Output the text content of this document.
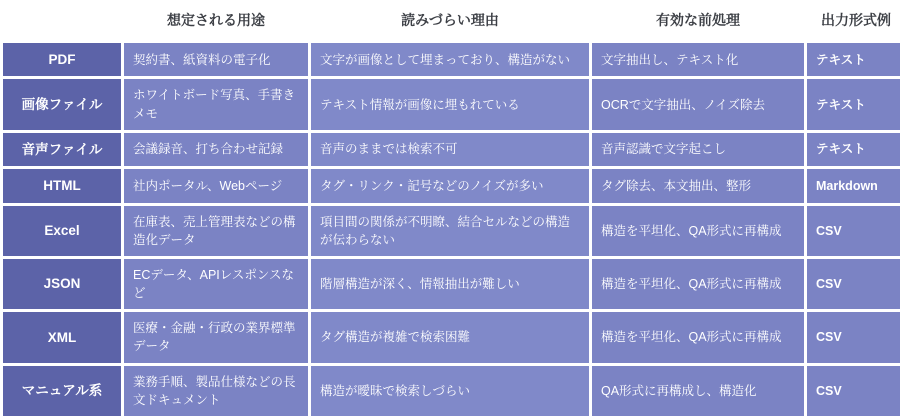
	想定される用途	読みづらい理由	有効な前処理	出力形式例
PDF	契約書、紙資料の電子化	文字が画像として埋まっており、構造がない	文字抽出し、テキスト化	テキスト
画像ファイル	ホワイトボード写真、手書きメモ	テキスト情報が画像に埋もれている	OCRで文字抽出、ノイズ除去	テキスト
音声ファイル	会議録音、打ち合わせ記録	音声のままでは検索不可	音声認識で文字起こし	テキスト
HTML	社内ポータル、Webページ	タグ・リンク・記号などのノイズが多い	タグ除去、本文抽出、整形	Markdown
Excel	在庫表、売上管理表などの構造化データ	項目間の関係が不明瞭、結合セルなどの構造が伝わらない	構造を平坦化、QA形式に再構成	CSV
JSON	ECデータ、APIレスポンスなど	階層構造が深く、情報抽出が難しい	構造を平坦化、QA形式に再構成	CSV
XML	医療・金融・行政の業界標準データ	タグ構造が複雑で検索困難	構造を平坦化、QA形式に再構成	CSV
マニュアル系	業務手順、製品仕様などの長文ドキュメント	構造が曖昧で検索しづらい	QA形式に再構成し、構造化	CSV
